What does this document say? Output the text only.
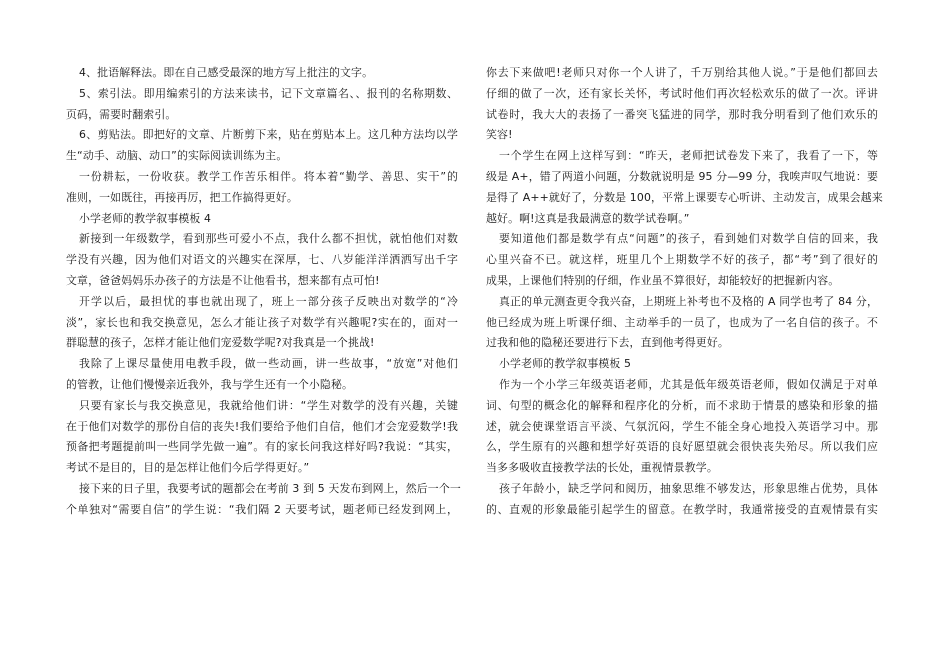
4、批语解释法。即在自己感受最深的地方写上批注的文字。
5、索引法。即用编索引的方法来读书，记下文章篇名、、报刊的名称期数、
页码，需要时翻索引。
6、剪贴法。即把好的文章、片断剪下来，贴在剪贴本上。这几种方法均以学
生“动手、动脑、动口”的实际阅读训练为主。
一份耕耘，一份收获。教学工作苦乐相伴。将本着“勤学、善思、实干”的
准则，一如既往，再接再厉，把工作搞得更好。
小学老师的教学叙事模板 4
新接到一年级数学，看到那些可爱小不点，我什么都不担忧，就怕他们对数
学没有兴趣，因为他们对语文的兴趣实在深厚，七、八岁能洋洋洒洒写出千字
文章，爸爸妈妈乐办孩子的方法是不让他看书，想来都有点可怕!
开学以后，最担忧的事也就出现了，班上一部分孩子反映出对数学的“冷
淡”，家长也和我交换意见，怎么才能让孩子对数学有兴趣呢?实在的，面对一
群聪慧的孩子，怎样才能让他们宠爱数学呢?对我真是一个挑战!
我除了上课尽量使用电教手段，做一些动画，讲一些故事，“放宽”对他们
的管教，让他们慢慢亲近我外，我与学生还有一个小隐秘。
只要有家长与我交换意见，我就给他们讲：“学生对数学的没有兴趣，关键
在于他们对数学的那份自信的丧失!我们要给予他们自信，他们才会宠爱数学!我
预备把考题提前叫一些同学先做一遍”。有的家长问我这样好吗?我说：“其实，
考试不是目的，目的是怎样让他们今后学得更好。”
接下来的日子里，我要考试的题都会在考前 3 到 5 天发布到网上，然后一个一
个单独对“需要自信”的学生说：“我们隔 2 天要考试，题老师已经发到网上，
你去下来做吧!老师只对你一个人讲了，千万别给其他人说。”于是他们都回去
仔细的做了一次，还有家长关怀，考试时他们再次轻松欢乐的做了一次。评讲
试卷时，我大大的表扬了一番突飞猛进的同学，那时我分明看到了他们欢乐的
笑容!
一个学生在网上这样写到：“昨天，老师把试卷发下来了，我看了一下，等
级是 A+，错了两道小问题，分数就说明是 95 分—99 分，我唉声叹气地说：要
是得了 A++就好了，分数是 100，平常上课要专心听讲、主动发言，成果会越来
越好。啊!这真是我最满意的数学试卷啊。”
要知道他们都是数学有点“问题”的孩子，看到她们对数学自信的回来，我
心里兴奋不已。就这样，班里几个上期数学不好的孩子，都“考”到了很好的
成果，上课他们特别的仔细，作业虽不算很好，却能较好的把握新内容。
真正的单元测查更令我兴奋，上期班上补考也不及格的 A 同学也考了 84 分，
他已经成为班上听课仔细、主动举手的一员了，也成为了一名自信的孩子。不
过我和他的隐秘还要进行下去，直到他考得更好。
小学老师的教学叙事模板 5
作为一个小学三年级英语老师，尤其是低年级英语老师，假如仅满足于对单
词、句型的概念化的解释和程序化的分析，而不求助于情景的感染和形象的描
述，就会使课堂语言平淡、气氛沉闷，学生不能全身心地投入英语学习中。那
么，学生原有的兴趣和想学好英语的良好愿望就会很快丧失殆尽。所以我们应
当多多吸收直接教学法的长处，重视情景教学。
孩子年龄小，缺乏学问和阅历，抽象思维不够发达，形象思维占优势，具体
的、直观的形象最能引起学生的留意。在教学时，我通常接受的直观情景有实
